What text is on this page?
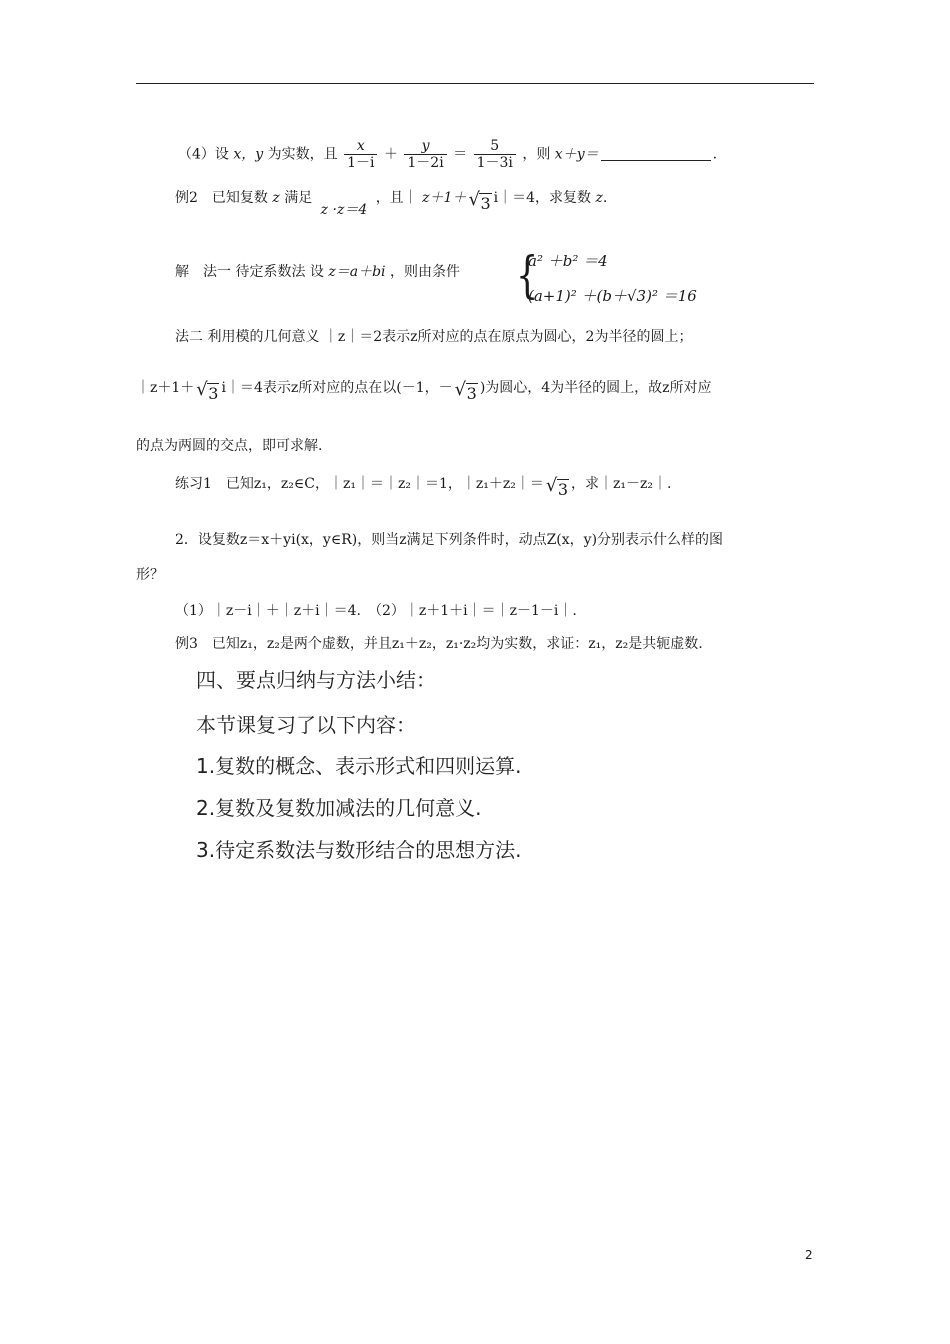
（4）设 x，y 为实数，且 $\frac{x}{1-i} + \frac{y}{1-2i} = \frac{5}{1-3i}$ ，则 x＋y＝	.
例2　已知复数 z 满足 z ·z＝4 ，且｜ z＋1＋ √ 3 i｜＝4，求复数 z.
解　法一 待定系数法 设 z＝a＋bi ，则由条件 {
a² ＋b² ＝4
(a+1)² ＋(b＋√3)² ＝16
法二 利用模的几何意义 ｜z｜＝2表示z所对应的点在原点为圆心，2为半径的圆上；
｜z＋1＋ √ 3 i｜＝4表示z所对应的点在以(－1，－ √ 3 )为圆心，4为半径的圆上，故z所对应
的点为两圆的交点，即可求解.
练习1　已知z₁，z₂∈C，｜z₁｜＝｜z₂｜＝1，｜z₁＋z₂｜＝ √ 3 ，求｜z₁－z₂｜.
2．设复数z＝x＋yi(x，y∈R)，则当z满足下列条件时，动点Z(x，y)分别表示什么样的图
形？
（1）｜z－i｜＋｜z＋i｜＝4.　（2）｜z＋1＋i｜＝｜z－1－i｜.
例3　已知z₁，z₂是两个虚数，并且z₁＋z₂，z₁·z₂均为实数，求证：z₁，z₂是共轭虚数.
四、要点归纳与方法小结：
本节课复习了以下内容：
1.复数的概念、表示形式和四则运算.
2.复数及复数加减法的几何意义.
3.待定系数法与数形结合的思想方法.
2
